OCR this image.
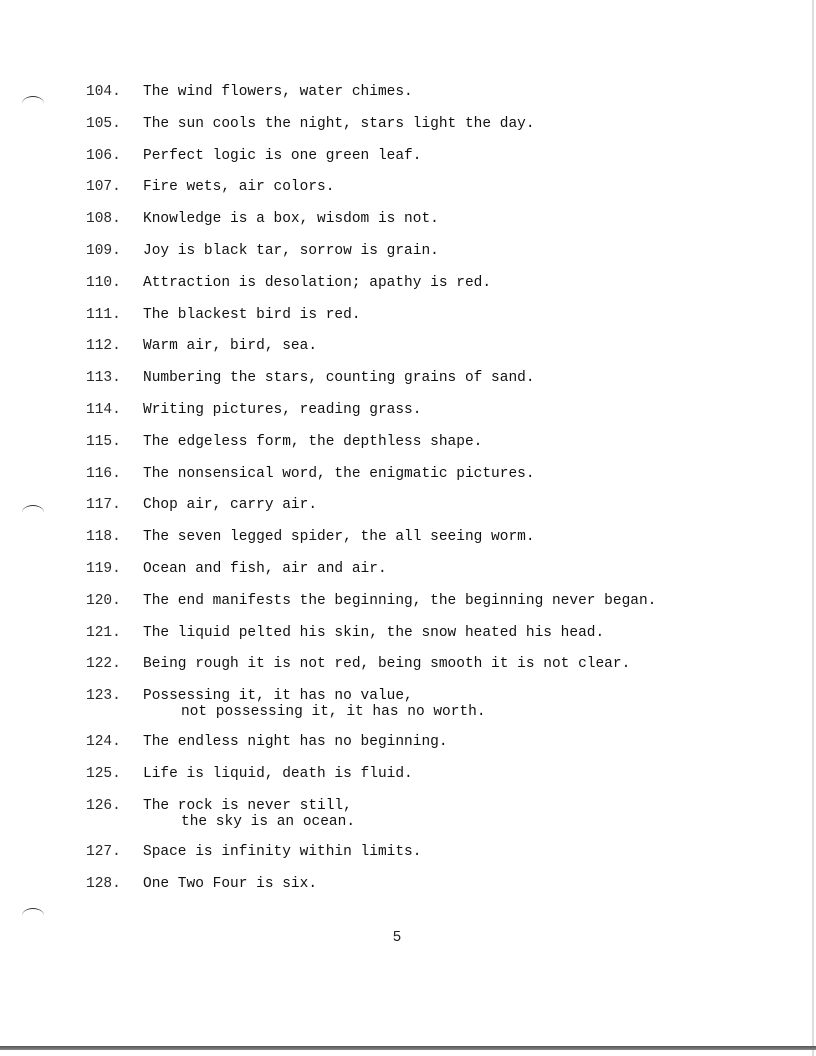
104.	The wind flowers, water chimes.
105.	The sun cools the night, stars light the day.
106.	Perfect logic is one green leaf.
107.	Fire wets, air colors.
108.	Knowledge is a box, wisdom is not.
109.	Joy is black tar, sorrow is grain.
110.	Attraction is desolation; apathy is red.
111.	The blackest bird is red.
112.	Warm air, bird, sea.
113.	Numbering the stars, counting grains of sand.
114.	Writing pictures, reading grass.
115.	The edgeless form, the depthless shape.
116.	The nonsensical word, the enigmatic pictures.
117.	Chop air, carry air.
118.	The seven legged spider, the all seeing worm.
119.	Ocean and fish, air and air.
120.	The end manifests the beginning, the beginning never began.
121.	The liquid pelted his skin, the snow heated his head.
122.	Being rough it is not red, being smooth it is not clear.
123.	Possessing it, it has no value,
not possessing it, it has no worth.
124.	The endless night has no beginning.
125.	Life is liquid, death is fluid.
126.	The rock is never still,
the sky is an ocean.
127.	Space is infinity within limits.
128.	One Two Four is six.
5
